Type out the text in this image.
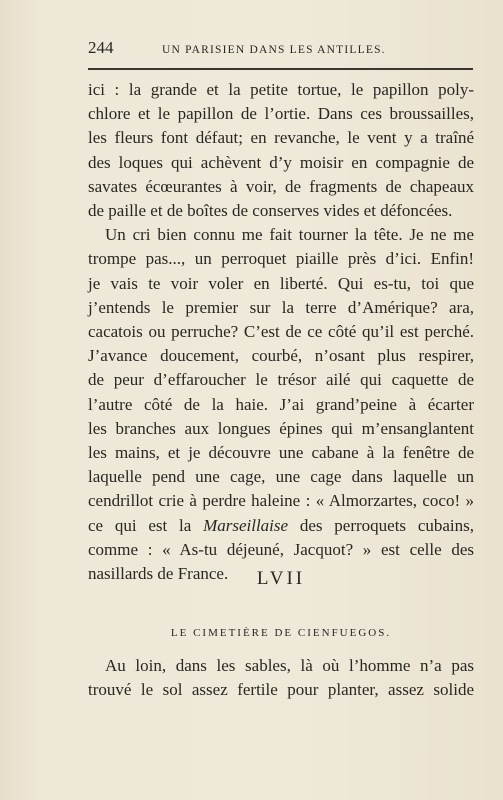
244	UN PARISIEN DANS LES ANTILLES.

ici : la grande et la petite tortue, le papillon poly-
chlore et le papillon de l’ortie. Dans ces broussailles,
les fleurs font défaut; en revanche, le vent y a traîné
des loques qui achèvent d’y moisir en compagnie de
savates écœurantes à voir, de fragments de chapeaux
de paille et de boîtes de conserves vides et défoncées.

Un cri bien connu me fait tourner la tête. Je ne me
trompe pas..., un perroquet piaille près d’ici. Enfin!
je vais te voir voler en liberté. Qui es-tu, toi que
j’entends le premier sur la terre d’Amérique? ara,
cacatois ou perruche? C’est de ce côté qu’il est perché.
J’avance doucement, courbé, n’osant plus respirer,
de peur d’effaroucher le trésor ailé qui caquette de
l’autre côté de la haie. J’ai grand’peine à écarter
les branches aux longues épines qui m’ensanglantent
les mains, et je découvre une cabane à la fenêtre de
laquelle pend une cage, une cage dans laquelle un
cendrillot crie à perdre haleine : « Almorzartes, coco! »
ce qui est la Marseillaise des perroquets cubains,
comme : « As-tu déjeuné, Jacquot? » est celle des
nasillards de France.	LVII
LE CIMETIÈRE DE CIENFUEGOS.
Au loin, dans les sables, là où l’homme n’a pas
trouvé le sol assez fertile pour planter, assez solide
